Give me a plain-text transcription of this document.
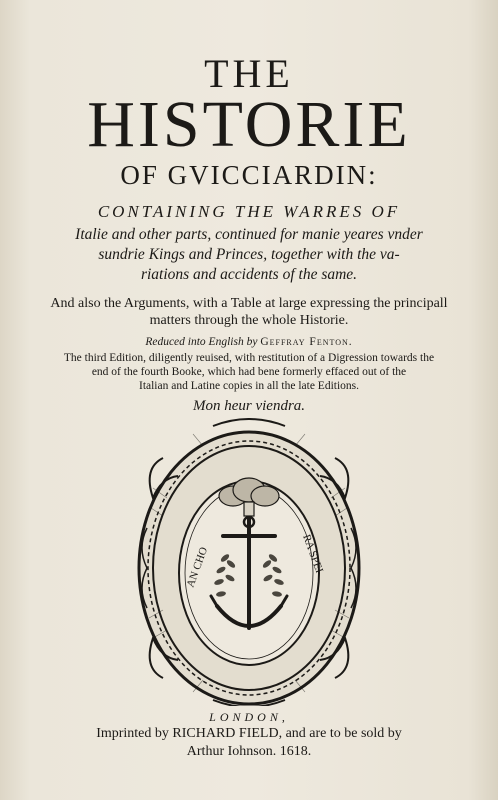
THE
HISTORIE
OF GVICCIARDIN:
CONTAINING THE WARRES OF
Italie and other parts, continued for manie yeares vnder
sundrie Kings and Princes, together with the va-
riations and accidents of the same.
And also the Arguments, with a Table at large expressing the principall
matters through the whole Historie.
Reduced into English by Geffray Fenton.
The third Edition, diligently reuised, with restitution of a Digression towards the
end of the fourth Booke, which had bene formerly effaced out of the
Italian and Latine copies in all the late Editions.
Mon heur viendra.
AN CHO	RA SPEI
LONDON,
Imprinted by RICHARD FIELD, and are to be sold by
Arthur Iohnson. 1618.
